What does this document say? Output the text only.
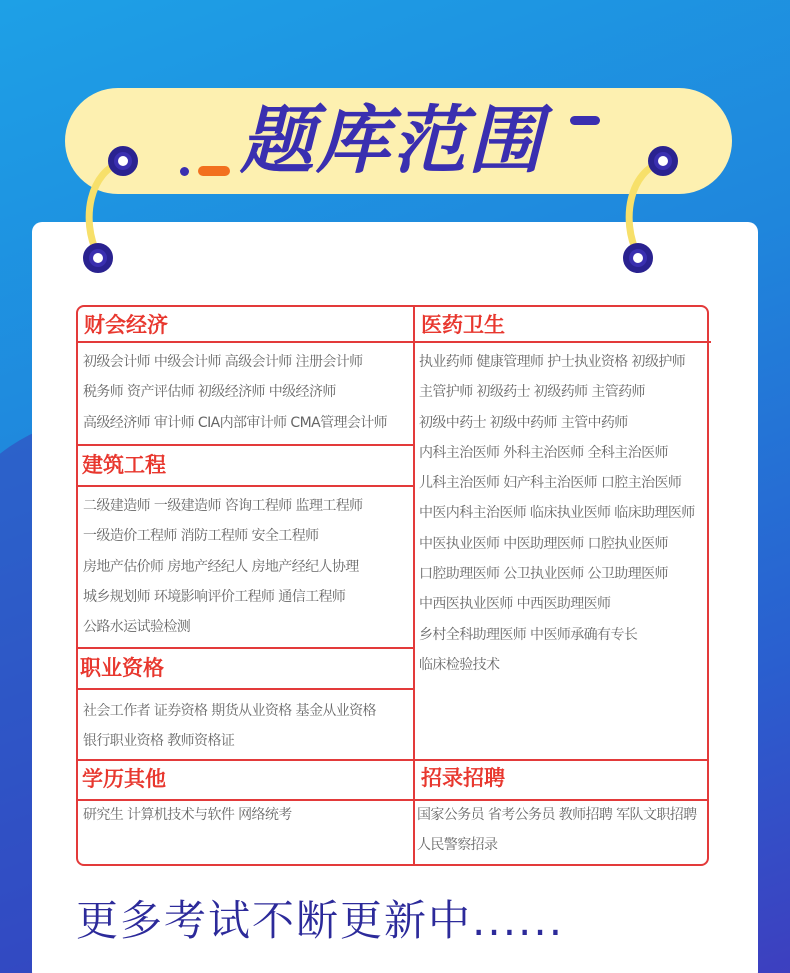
题库范围
财会经济
初级会计师 中级会计师 高级会计师 注册会计师
税务师 资产评估师 初级经济师 中级经济师
高级经济师 审计师 CIA内部审计师 CMA管理会计师
建筑工程
二级建造师 一级建造师 咨询工程师 监理工程师
一级造价工程师 消防工程师 安全工程师
房地产估价师 房地产经纪人 房地产经纪人协理
城乡规划师 环境影响评价工程师 通信工程师
公路水运试验检测
职业资格
社会工作者 证券资格 期货从业资格 基金从业资格
银行职业资格 教师资格证
学历其他
研究生 计算机技术与软件 网络统考
医药卫生
执业药师 健康管理师 护士执业资格 初级护师
主管护师 初级药士 初级药师 主管药师
初级中药士 初级中药师 主管中药师
内科主治医师 外科主治医师 全科主治医师
儿科主治医师 妇产科主治医师 口腔主治医师
中医内科主治医师 临床执业医师 临床助理医师
中医执业医师 中医助理医师 口腔执业医师
口腔助理医师 公卫执业医师 公卫助理医师
中西医执业医师 中西医助理医师
乡村全科助理医师 中医师承确有专长
临床检验技术
招录招聘
国家公务员 省考公务员 教师招聘 军队文职招聘
人民警察招录
更多考试不断更新中......
